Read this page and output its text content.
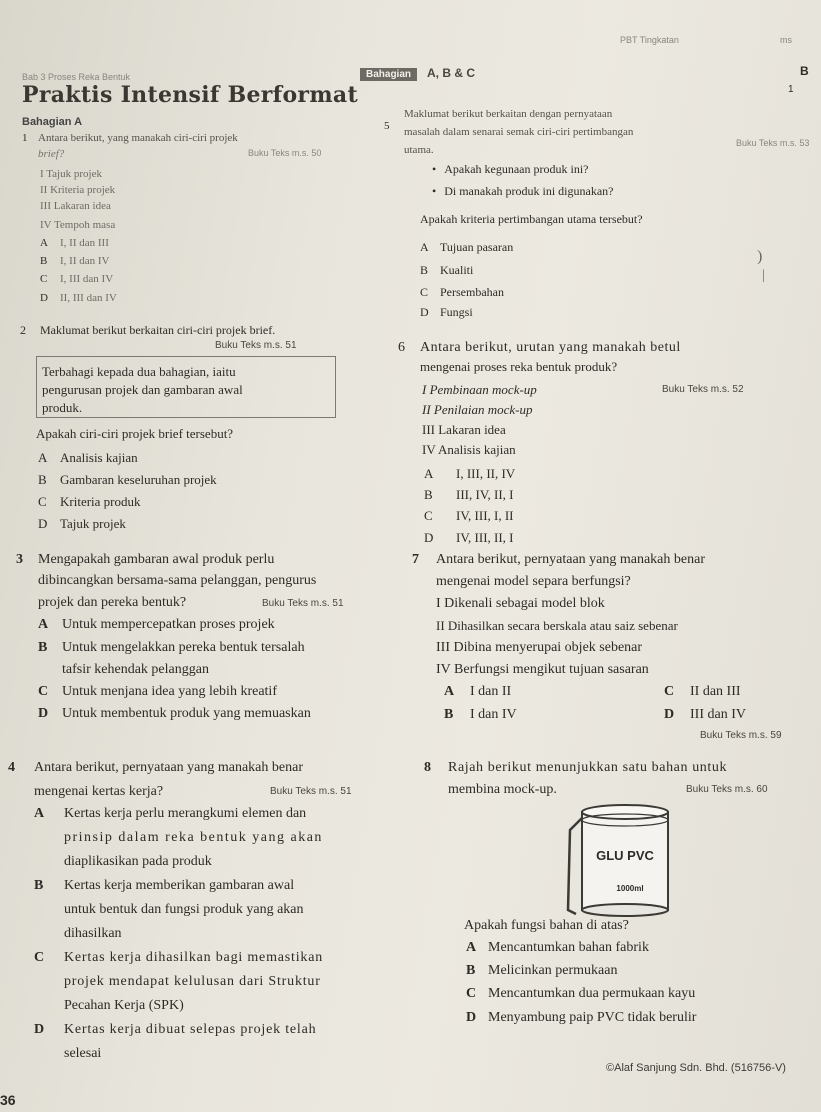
Bab 3 Proses Reka Bentuk
PBT Tingkatan	ms
Praktis Intensif Berformat
Bahagian A, B & C	B
1
Bahagian A
1 Antara berikut, yang manakah ciri-ciri projek
brief?	Buku Teks m.s. 50
I Tajuk projek
II Kriteria projek
III Lakaran idea
IV Tempoh masa
A I, II dan III
B I, II dan IV
C I, III dan IV
D II, III dan IV
2 Maklumat berikut berkaitan ciri-ciri projek brief.
Buku Teks m.s. 51
Terbahagi kepada dua bahagian, iaitu
pengurusan projek dan gambaran awal
produk.
Apakah ciri-ciri projek brief tersebut?
A Analisis kajian
B Gambaran keseluruhan projek
C Kriteria produk
D Tajuk projek
3 Mengapakah gambaran awal produk perlu
dibincangkan bersama-sama pelanggan, pengurus
projek dan pereka bentuk?	Buku Teks m.s. 51
A Untuk mempercepatkan proses projek
B Untuk mengelakkan pereka bentuk tersalah
tafsir kehendak pelanggan
C Untuk menjana idea yang lebih kreatif
D Untuk membentuk produk yang memuaskan
4 Antara berikut, pernyataan yang manakah benar
mengenai kertas kerja?	Buku Teks m.s. 51
A Kertas kerja perlu merangkumi elemen dan
prinsip dalam reka bentuk yang akan
diaplikasikan pada produk
B Kertas kerja memberikan gambaran awal
untuk bentuk dan fungsi produk yang akan
dihasilkan
C Kertas kerja dihasilkan bagi memastikan
projek mendapat kelulusan dari Struktur
Pecahan Kerja (SPK)
D Kertas kerja dibuat selepas projek telah
selesai
5
Maklumat berikut berkaitan dengan pernyataan
masalah dalam senarai semak ciri-ciri pertimbangan
utama.
Buku Teks m.s. 53
• Apakah kegunaan produk ini?
• Di manakah produk ini digunakan?
Apakah kriteria pertimbangan utama tersebut?
A Tujuan pasaran
B Kualiti
C Persembahan
D Fungsi
)
|
6 Antara berikut, urutan yang manakah betul
mengenai proses reka bentuk produk?
I Pembinaan mock-up	Buku Teks m.s. 52
II Penilaian mock-up
III Lakaran idea
IV Analisis kajian
A I, III, II, IV
B III, IV, II, I
C IV, III, I, II
D IV, III, II, I
7 Antara berikut, pernyataan yang manakah benar
mengenai model separa berfungsi?
I Dikenali sebagai model blok
II Dihasilkan secara berskala atau saiz sebenar
III Dibina menyerupai objek sebenar
IV Berfungsi mengikut tujuan sasaran
A I dan II
B I dan IV
C II dan III
D III dan IV
Buku Teks m.s. 59
8 Rajah berikut menunjukkan satu bahan untuk
membina mock-up.	Buku Teks m.s. 60
GLU PVC
1000ml
Apakah fungsi bahan di atas?
A Mencantumkan bahan fabrik
B Melicinkan permukaan
C Mencantumkan dua permukaan kayu
D Menyambung paip PVC tidak berulir
©Alaf Sanjung Sdn. Bhd. (516756-V)
36
